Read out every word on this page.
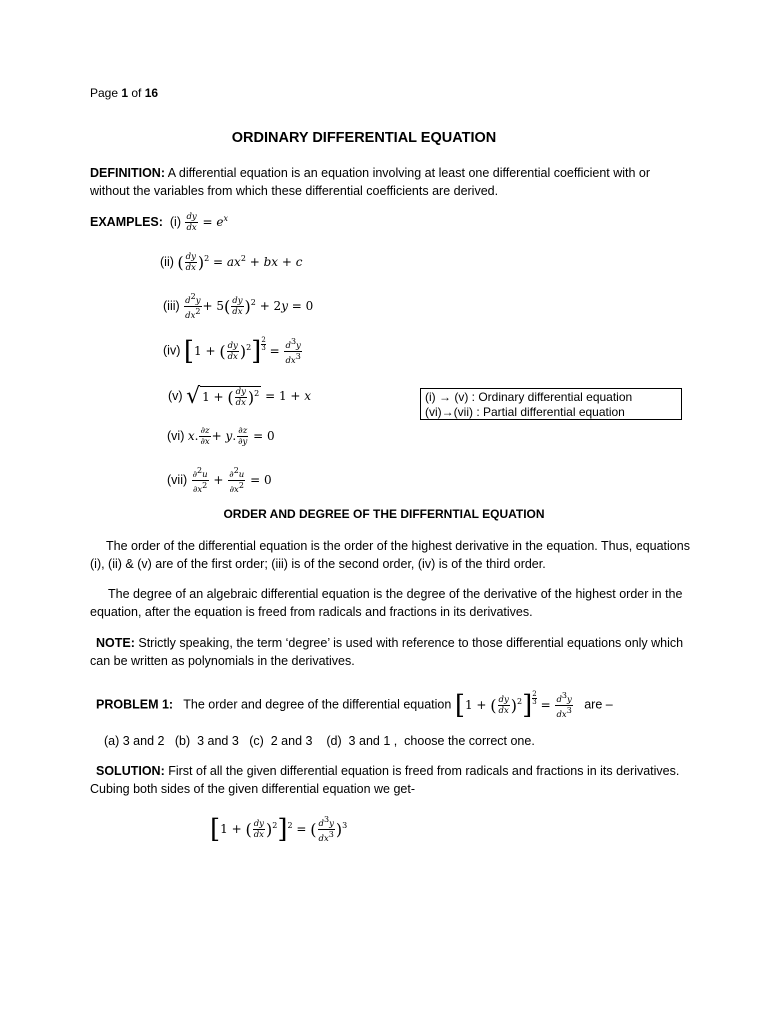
Page 1 of 16
ORDINARY DIFFERENTIAL EQUATION
DEFINITION: A differential equation is an equation involving at least one differential coefficient with or without the variables from which these differential coefficients are derived.
EXAMPLES: $(i) \frac{dy}{dx} = e^x$
(ii) ( $\frac{dy}{dx} )^2 = ax^2$ + bx + c
$(iii) \frac{d^2y}{dx^2} + 5( \frac{dy}{dx} )^2 + 2y = 0$
(iv) [1 + ( $\frac{dy}{dx} )^2] \frac{2}{3} = \frac{d^3y}{dx^3}$
(v) √ 1 + ( $\frac{dy}{dx} )^2 = 1 + x$	(i) → (v) : Ordinary differential equation
(vi)→(vii) : Partial differential equation
(vi) x. $\frac{\partial z}{\partial x} + y$. $\frac{\partial z}{\partial y} = 0$
$(vii) \frac{\partial^2u}{\partial x^2} + \frac{\partial^2u}{\partial x^2} = 0$
ORDER AND DEGREE OF THE DIFFERNTIAL EQUATION
The order of the differential equation is the order of the highest derivative in the equation. Thus, equations (i), (ii) & (v) are of the first order; (iii) is of the second order, (iv) is of the third order.
The degree of an algebraic differential equation is the degree of the derivative of the highest order in the equation, after the equation is freed from radicals and fractions in its derivatives.
NOTE: Strictly speaking, the term ‘degree’ is used with reference to those differential equations only which can be written as polynomials in the derivatives.
PROBLEM 1: The order and degree of the differential equation [1 + ( $\frac{dy}{dx} )^2] \frac{2}{3} = \frac{d^3y}{dx^3}$ are –
(a) 3 and 2   (b)  3 and 3   (c)  2 and 3    (d)  3 and 1 ,  choose the correct one.
SOLUTION: First of all the given differential equation is freed from radicals and fractions in its derivatives. Cubing both sides of the given differential equation we get-
[1 + ( $\frac{dy}{dx} )^2]^2$ = ( $\frac{d^3y}{dx^3} )^3$
